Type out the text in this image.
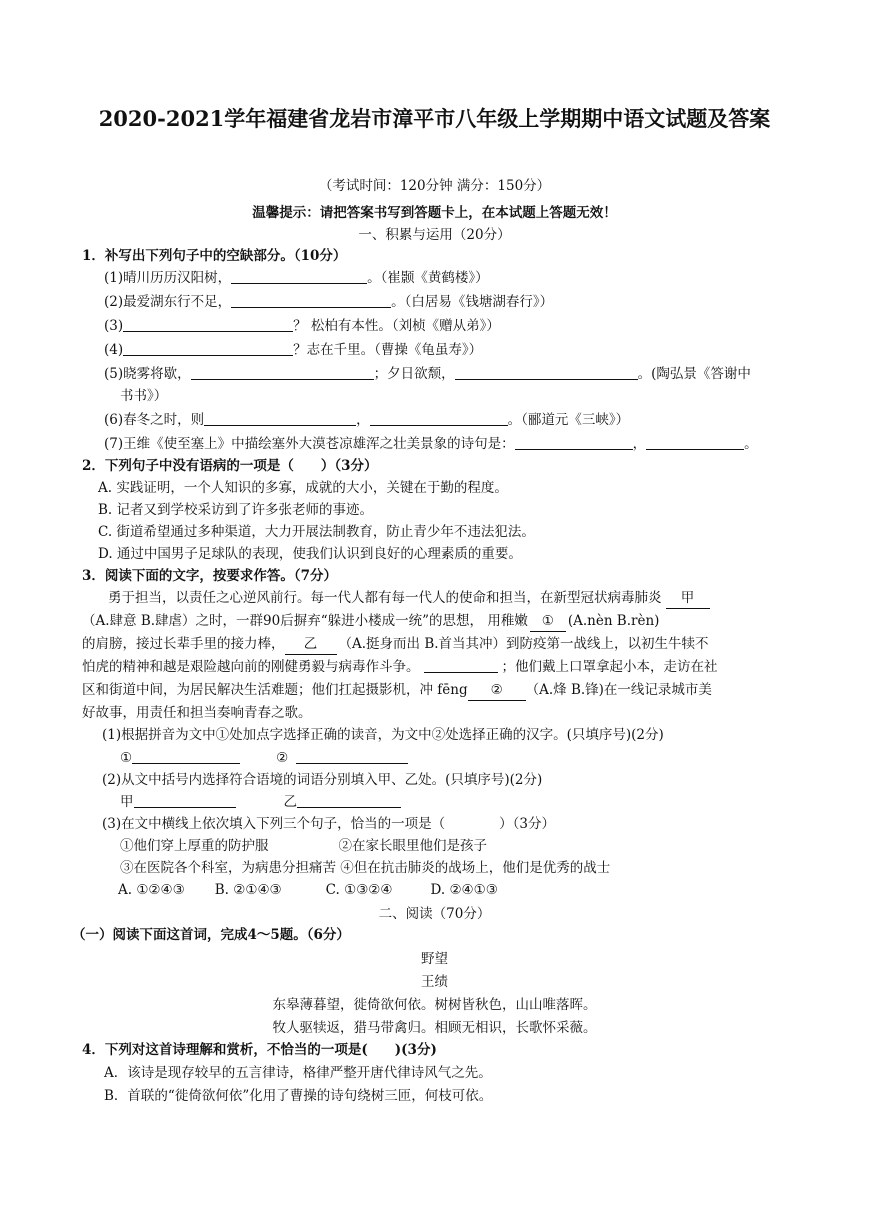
2020-2021学年福建省龙岩市漳平市八年级上学期期中语文试题及答案
（考试时间：120分钟 满分：150分）
温馨提示：请把答案书写到答题卡上，在本试题上答题无效！
一、积累与运用（20分）
1．补写出下列句子中的空缺部分。（10分）
(1)晴川历历汉阳树，	。（崔颢《黄鹤楼》）
(2)最爱湖东行不足，	。（白居易《钱塘湖春行》）
(3)	？ 松柏有本性。（刘桢《赠从弟》）
(4)	？志在千里。（曹操《龟虽寿》）
(5)晓雾将歇，	；夕日欲颓，	。(陶弘景《答谢中
书书》）
(6)春冬之时，则	，	。（郦道元《三峡》）
(7)王维《使至塞上》中描绘塞外大漠苍凉雄浑之壮美景象的诗句是：	，	。
2．下列句子中没有语病的一项是（　　）（3分）
A. 实践证明，一个人知识的多寡，成就的大小，关键在于勤的程度。
B. 记者又到学校采访到了许多张老师的事迹。
C. 街道希望通过多种渠道，大力开展法制教育，防止青少年不违法犯法。
D. 通过中国男子足球队的表现，使我们认识到良好的心理素质的重要。
3．阅读下面的文字，按要求作答。（7分）
勇于担当，以责任之心逆风前行。每一代人都有每一代人的使命和担当，在新型冠状病毒肺炎 甲
（A.肆意 B.肆虐）之时，一群90后摒弃“躲进小楼成一统”的思想， 用稚嫩 ① (A.nèn B.rèn)
的肩膀，接过长辈手里的接力棒， 乙 （A.挺身而出 B.首当其冲）到防疫第一战线上，以初生牛犊不
怕虎的精神和越是艰险越向前的刚健勇毅与病毒作斗争。	；他们戴上口罩拿起小本，走访在社
区和街道中间，为居民解决生活难题；他们扛起摄影机，冲 fēng ② （A.烽 B.锋)在一线记录城市美
好故事，用责任和担当奏响青春之歌。
(1)根据拼音为文中①处加点字选择正确的读音，为文中②处选择正确的汉字。(只填序号)(2分)
①	②
(2)从文中括号内选择符合语境的词语分别填入甲、乙处。(只填序号)(2分)
甲	乙
(3)在文中横线上依次填入下列三个句子，恰当的一项是（　　　　）（3分）
①他们穿上厚重的防护服	②在家长眼里他们是孩子
③在医院各个科室，为病患分担痛苦 ④但在抗击肺炎的战场上，他们是优秀的战士
A. ①②④③ B. ②①④③	C. ①③②④	D. ②④①③
二、阅读（70分）
（一）阅读下面这首词，完成4～5题。（6分）
野望
王绩
东皋薄暮望，徙倚欲何依。树树皆秋色，山山唯落晖。
牧人驱犊返，猎马带禽归。相顾无相识，长歌怀采薇。
4．下列对这首诗理解和赏析，不恰当的一项是(　　)(3分)
A．该诗是现存较早的五言律诗，格律严整开唐代律诗风气之先。
B．首联的“徙倚欲何依”化用了曹操的诗句绕树三匝，何枝可依。
